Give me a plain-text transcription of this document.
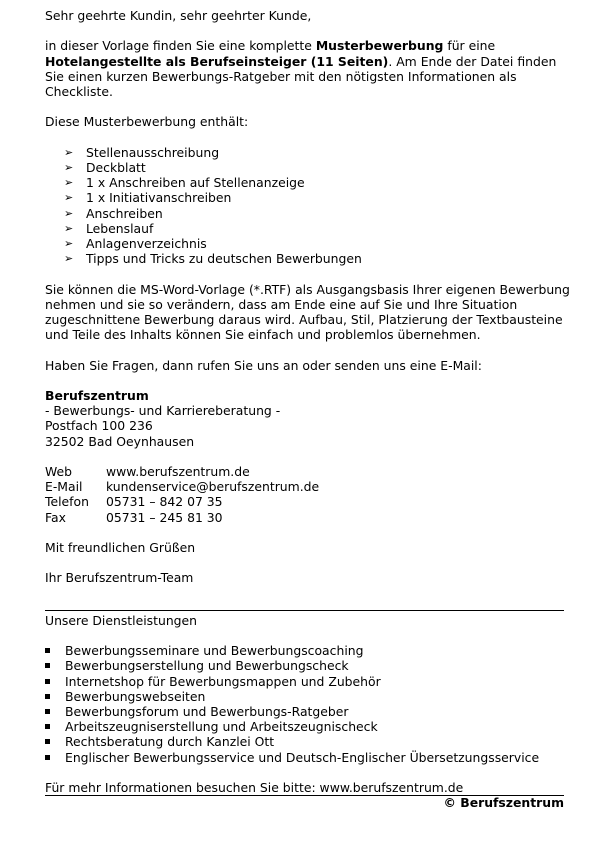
Sehr geehrte Kundin, sehr geehrter Kunde,

in dieser Vorlage finden Sie eine komplette Musterbewerbung für eine Hotelangestellte als Berufseinsteiger (11 Seiten). Am Ende der Datei finden Sie einen kurzen Bewerbungs-Ratgeber mit den nötigsten Informationen als Checkliste.

Diese Musterbewerbung enthält:

➢ Stellenausschreibung
➢ Deckblatt
➢ 1 x Anschreiben auf Stellenanzeige
➢ 1 x Initiativanschreiben
➢ Anschreiben
➢ Lebenslauf
➢ Anlagenverzeichnis
➢ Tipps und Tricks zu deutschen Bewerbungen

Sie können die MS-Word-Vorlage (*.RTF) als Ausgangsbasis Ihrer eigenen Bewerbung nehmen und sie so verändern, dass am Ende eine auf Sie und Ihre Situation zugeschnittene Bewerbung daraus wird. Aufbau, Stil, Platzierung der Textbausteine und Teile des Inhalts können Sie einfach und problemlos übernehmen.

Haben Sie Fragen, dann rufen Sie uns an oder senden uns eine E-Mail:

Berufszentrum

- Bewerbungs- und Karriereberatung -

Postfach 100 236

32502 Bad Oeynhausen

Web	www.berufszentrum.de
E-Mail	kundenservice@berufszentrum.de
Telefon	05731 – 842 07 35
Fax	05731 – 245 81 30

Mit freundlichen Grüßen

Ihr Berufszentrum-Team

Unsere Dienstleistungen

Bewerbungsseminare und Bewerbungscoaching
Bewerbungserstellung und Bewerbungscheck
Internetshop für Bewerbungsmappen und Zubehör
Bewerbungswebseiten
Bewerbungsforum und Bewerbungs-Ratgeber
Arbeitszeugniserstellung und Arbeitszeugnischeck
Rechtsberatung durch Kanzlei Ott
Englischer Bewerbungsservice und Deutsch-Englischer Übersetzungsservice

Für mehr Informationen besuchen Sie bitte: www.berufszentrum.de

© Berufszentrum
